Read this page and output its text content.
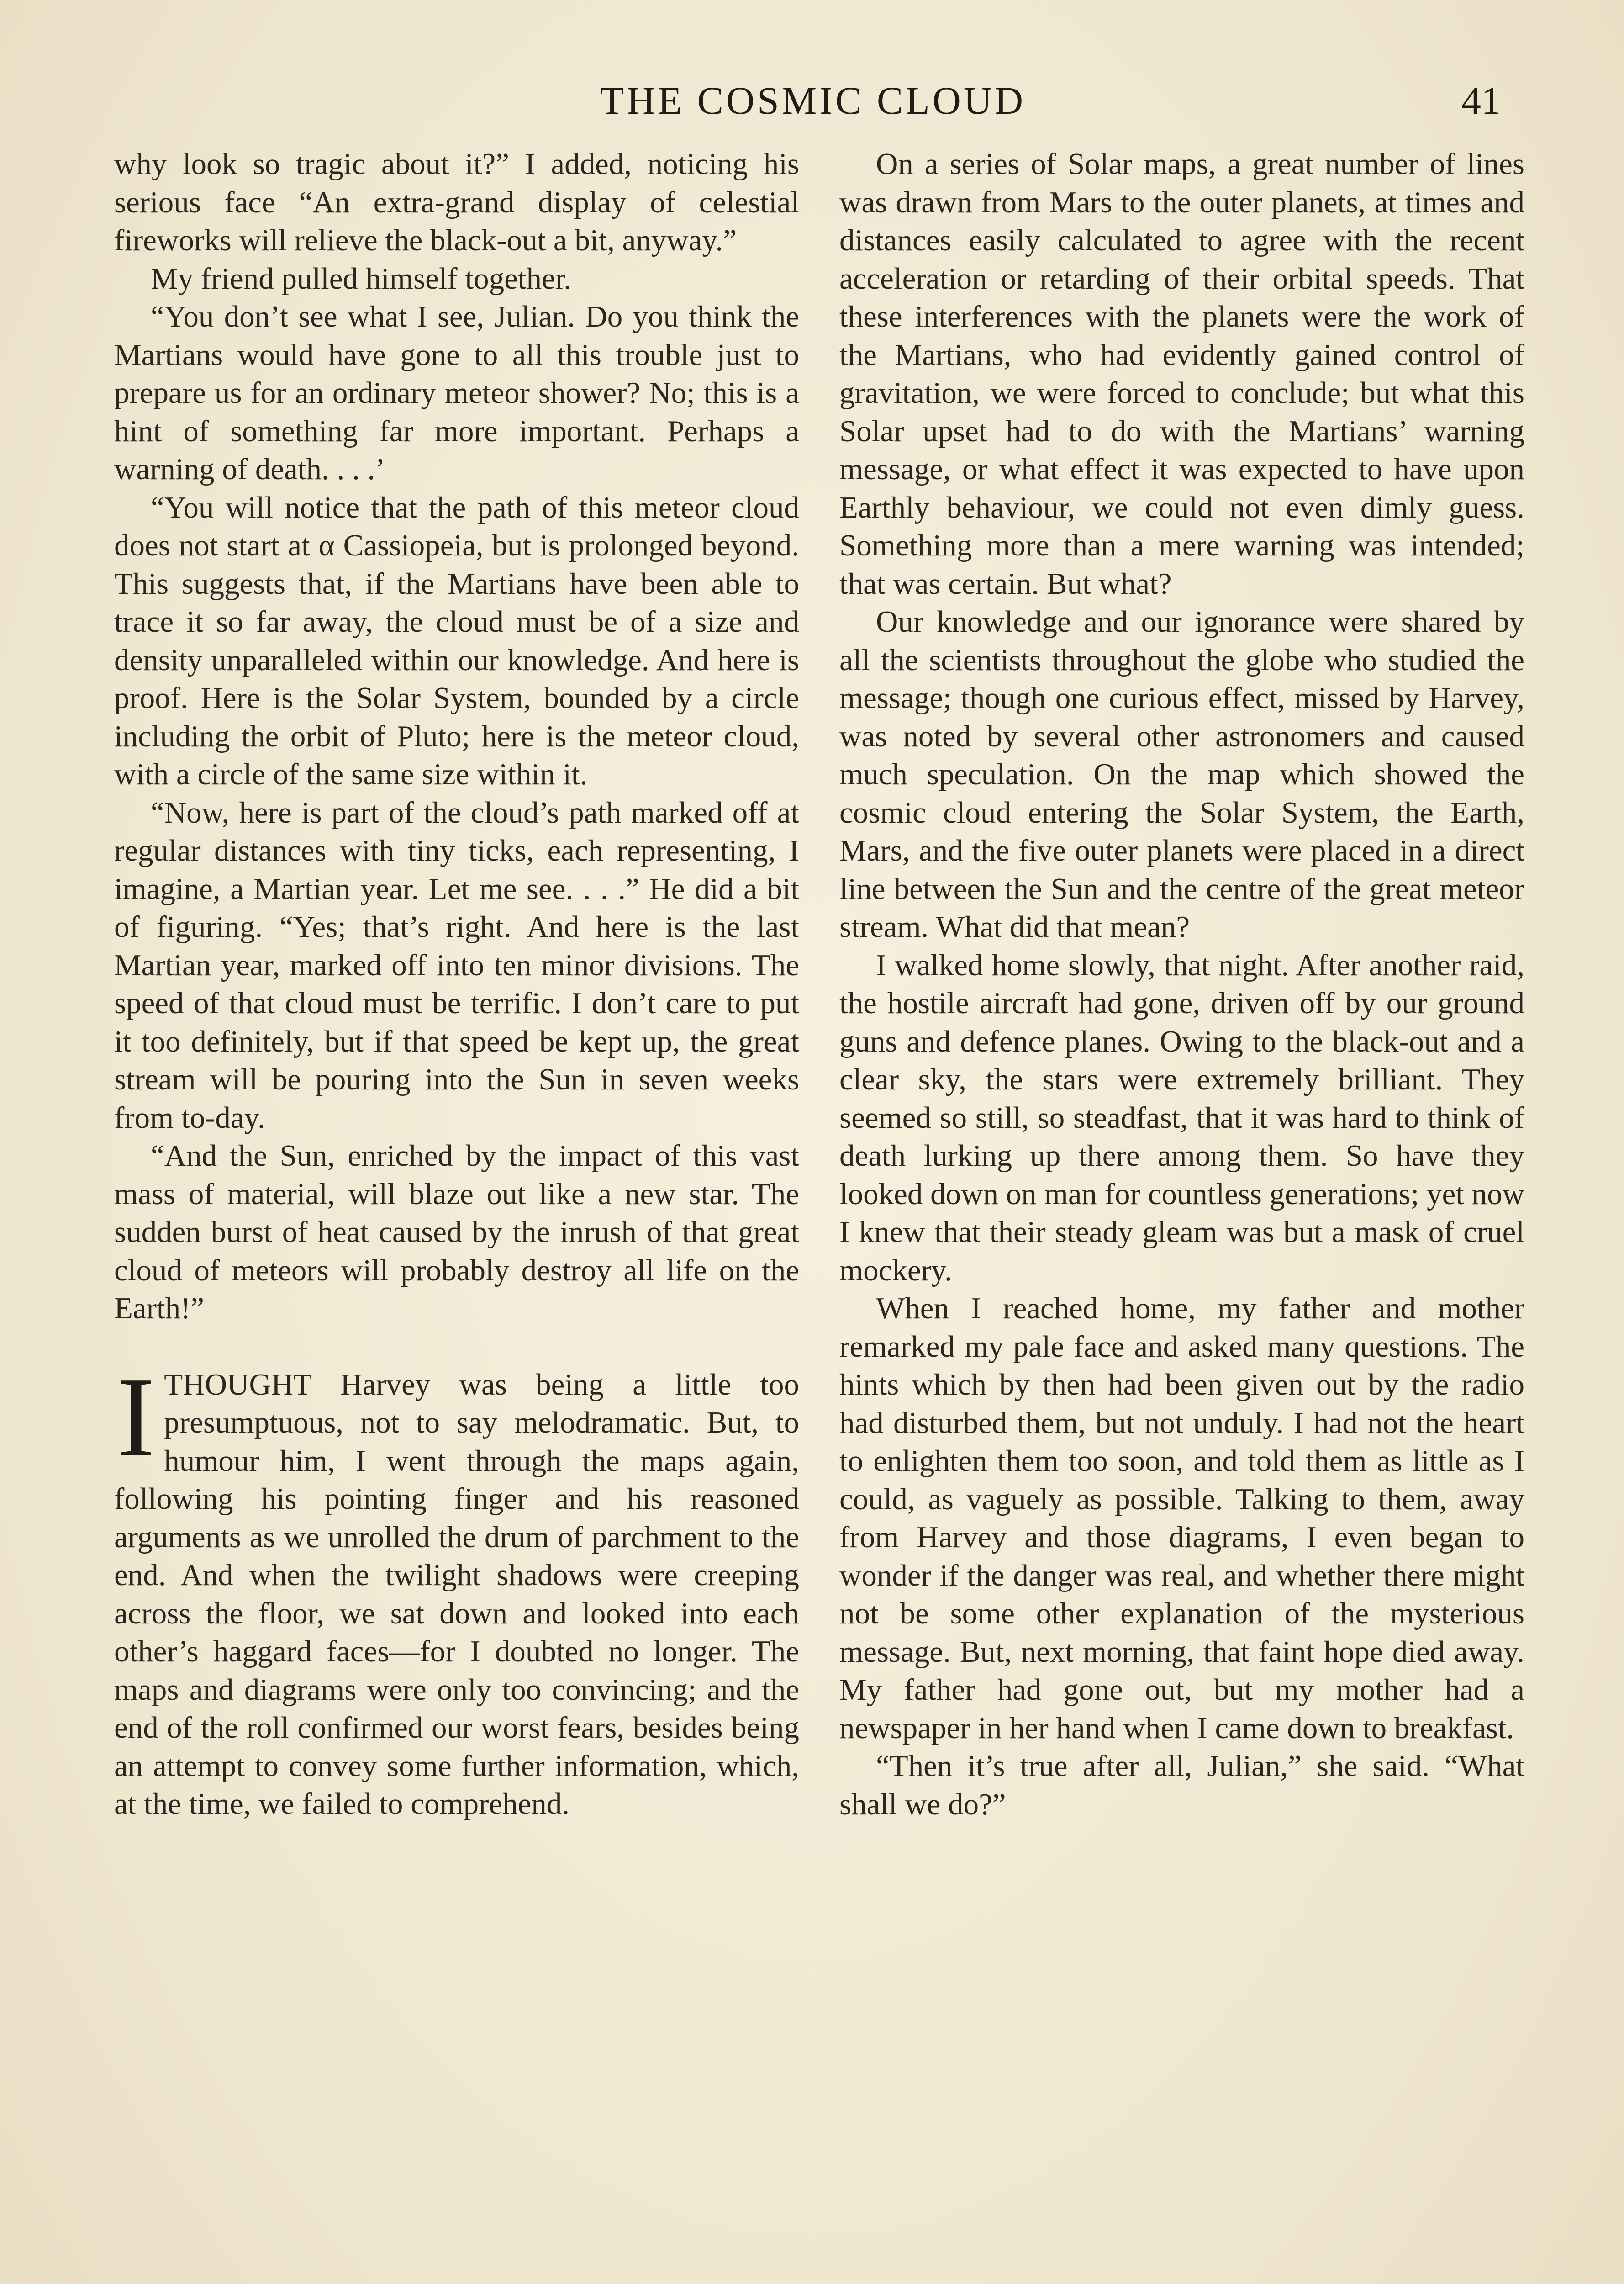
THE COSMIC CLOUD	41

why look so tragic about it?” I added, noticing his serious face “An extra-grand display of celestial fireworks will relieve the black-out a bit, anyway.”

My friend pulled himself together.

“You don’t see what I see, Julian. Do you think the Martians would have gone to all this trouble just to prepare us for an ordinary meteor shower? No; this is a hint of something far more important. Perhaps a warning of death. . . .’

“You will notice that the path of this meteor cloud does not start at α Cassiopeia, but is prolonged beyond. This suggests that, if the Martians have been able to trace it so far away, the cloud must be of a size and density unparalleled within our knowledge. And here is proof. Here is the Solar System, bounded by a circle including the orbit of Pluto; here is the meteor cloud, with a circle of the same size within it.

“Now, here is part of the cloud’s path marked off at regular distances with tiny ticks, each representing, I imagine, a Martian year. Let me see. . . .” He did a bit of figuring. “Yes; that’s right. And here is the last Martian year, marked off into ten minor divisions. The speed of that cloud must be terrific. I don’t care to put it too definitely, but if that speed be kept up, the great stream will be pouring into the Sun in seven weeks from to-day.

“And the Sun, enriched by the impact of this vast mass of material, will blaze out like a new star. The sudden burst of heat caused by the inrush of that great cloud of meteors will probably destroy all life on the Earth!”

ITHOUGHT Harvey was being a little too presumptuous, not to say melodramatic. But, to humour him, I went through the maps again, following his pointing finger and his reasoned arguments as we unrolled the drum of parchment to the end. And when the twilight shadows were creeping across the floor, we sat down and looked into each other’s haggard faces—for I doubted no longer. The maps and diagrams were only too convincing; and the end of the roll confirmed our worst fears, besides being an attempt to convey some further information, which, at the time, we failed to comprehend.

On a series of Solar maps, a great number of lines was drawn from Mars to the outer planets, at times and distances easily calculated to agree with the recent acceleration or retarding of their orbital speeds. That these interferences with the planets were the work of the Martians, who had evidently gained control of gravitation, we were forced to conclude; but what this Solar upset had to do with the Martians’ warning message, or what effect it was expected to have upon Earthly behaviour, we could not even dimly guess. Something more than a mere warning was intended; that was certain. But what?

Our knowledge and our ignorance were shared by all the scientists throughout the globe who studied the message; though one curious effect, missed by Harvey, was noted by several other astronomers and caused much speculation. On the map which showed the cosmic cloud entering the Solar System, the Earth, Mars, and the five outer planets were placed in a direct line between the Sun and the centre of the great meteor stream. What did that mean?

I walked home slowly, that night. After another raid, the hostile aircraft had gone, driven off by our ground guns and defence planes. Owing to the black-out and a clear sky, the stars were extremely brilliant. They seemed so still, so steadfast, that it was hard to think of death lurking up there among them. So have they looked down on man for countless generations; yet now I knew that their steady gleam was but a mask of cruel mockery.

When I reached home, my father and mother remarked my pale face and asked many questions. The hints which by then had been given out by the radio had disturbed them, but not unduly. I had not the heart to enlighten them too soon, and told them as little as I could, as vaguely as possible. Talking to them, away from Harvey and those diagrams, I even began to wonder if the danger was real, and whether there might not be some other explanation of the mysterious message. But, next morning, that faint hope died away. My father had gone out, but my mother had a newspaper in her hand when I came down to breakfast.

“Then it’s true after all, Julian,” she said. “What shall we do?”
